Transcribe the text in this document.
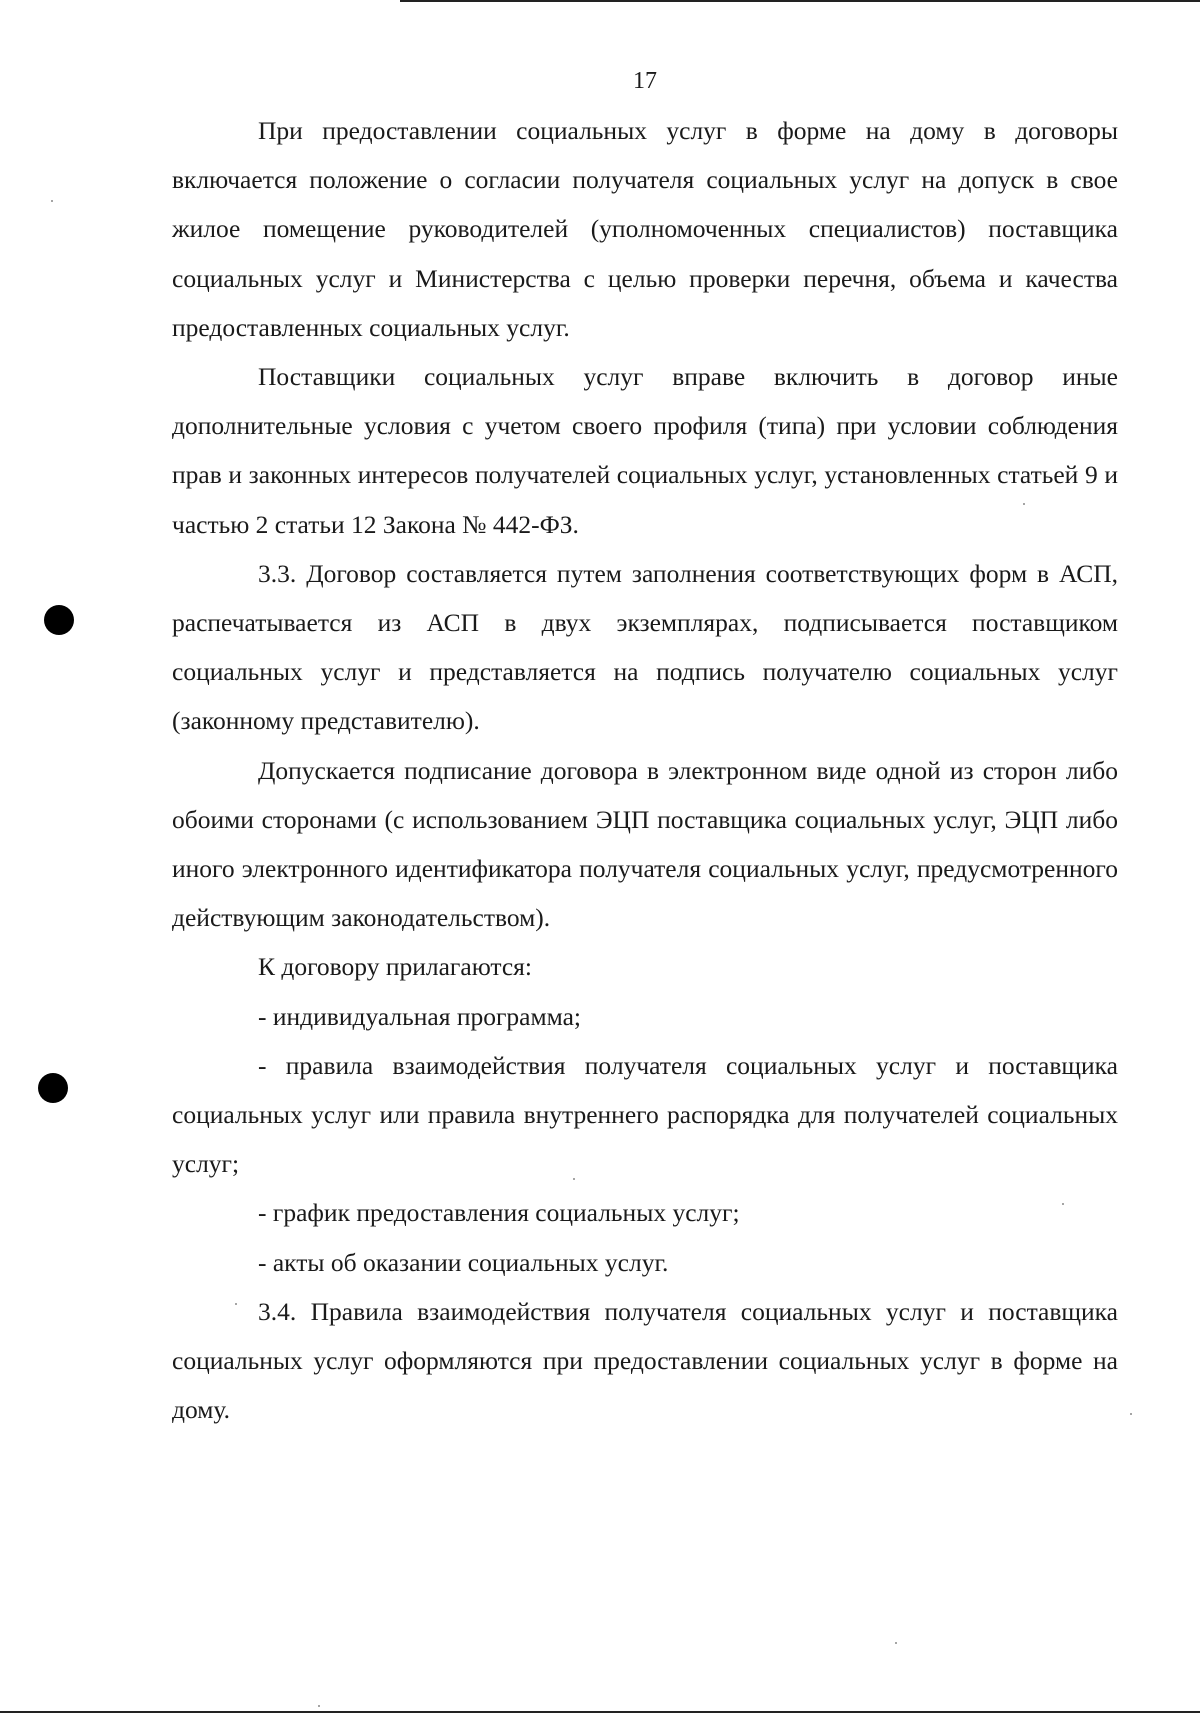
17

При предоставлении социальных услуг в форме на дому в договоры включается положение о согласии получателя социальных услуг на допуск в свое жилое помещение руководителей (уполномоченных специалистов) поставщика социальных услуг и Министерства с целью проверки перечня, объема и качества предоставленных социальных услуг.

Поставщики социальных услуг вправе включить в договор иные дополнительные условия с учетом своего профиля (типа) при условии соблюдения прав и законных интересов получателей социальных услуг, установленных статьей 9 и частью 2 статьи 12 Закона № 442-ФЗ.

3.3. Договор составляется путем заполнения соответствующих форм в АСП, распечатывается из АСП в двух экземплярах, подписывается поставщиком социальных услуг и представляется на подпись получателю социальных услуг (законному представителю).

Допускается подписание договора в электронном виде одной из сторон либо обоими сторонами (с использованием ЭЦП поставщика социальных услуг, ЭЦП либо иного электронного идентификатора получателя социальных услуг, предусмотренного действующим законодательством).

К договору прилагаются:

- индивидуальная программа;

- правила взаимодействия получателя социальных услуг и поставщика социальных услуг или правила внутреннего распорядка для получателей социальных услуг;

- график предоставления социальных услуг;

- акты об оказании социальных услуг.

3.4. Правила взаимодействия получателя социальных услуг и поставщика социальных услуг оформляются при предоставлении социальных услуг в форме на дому.
